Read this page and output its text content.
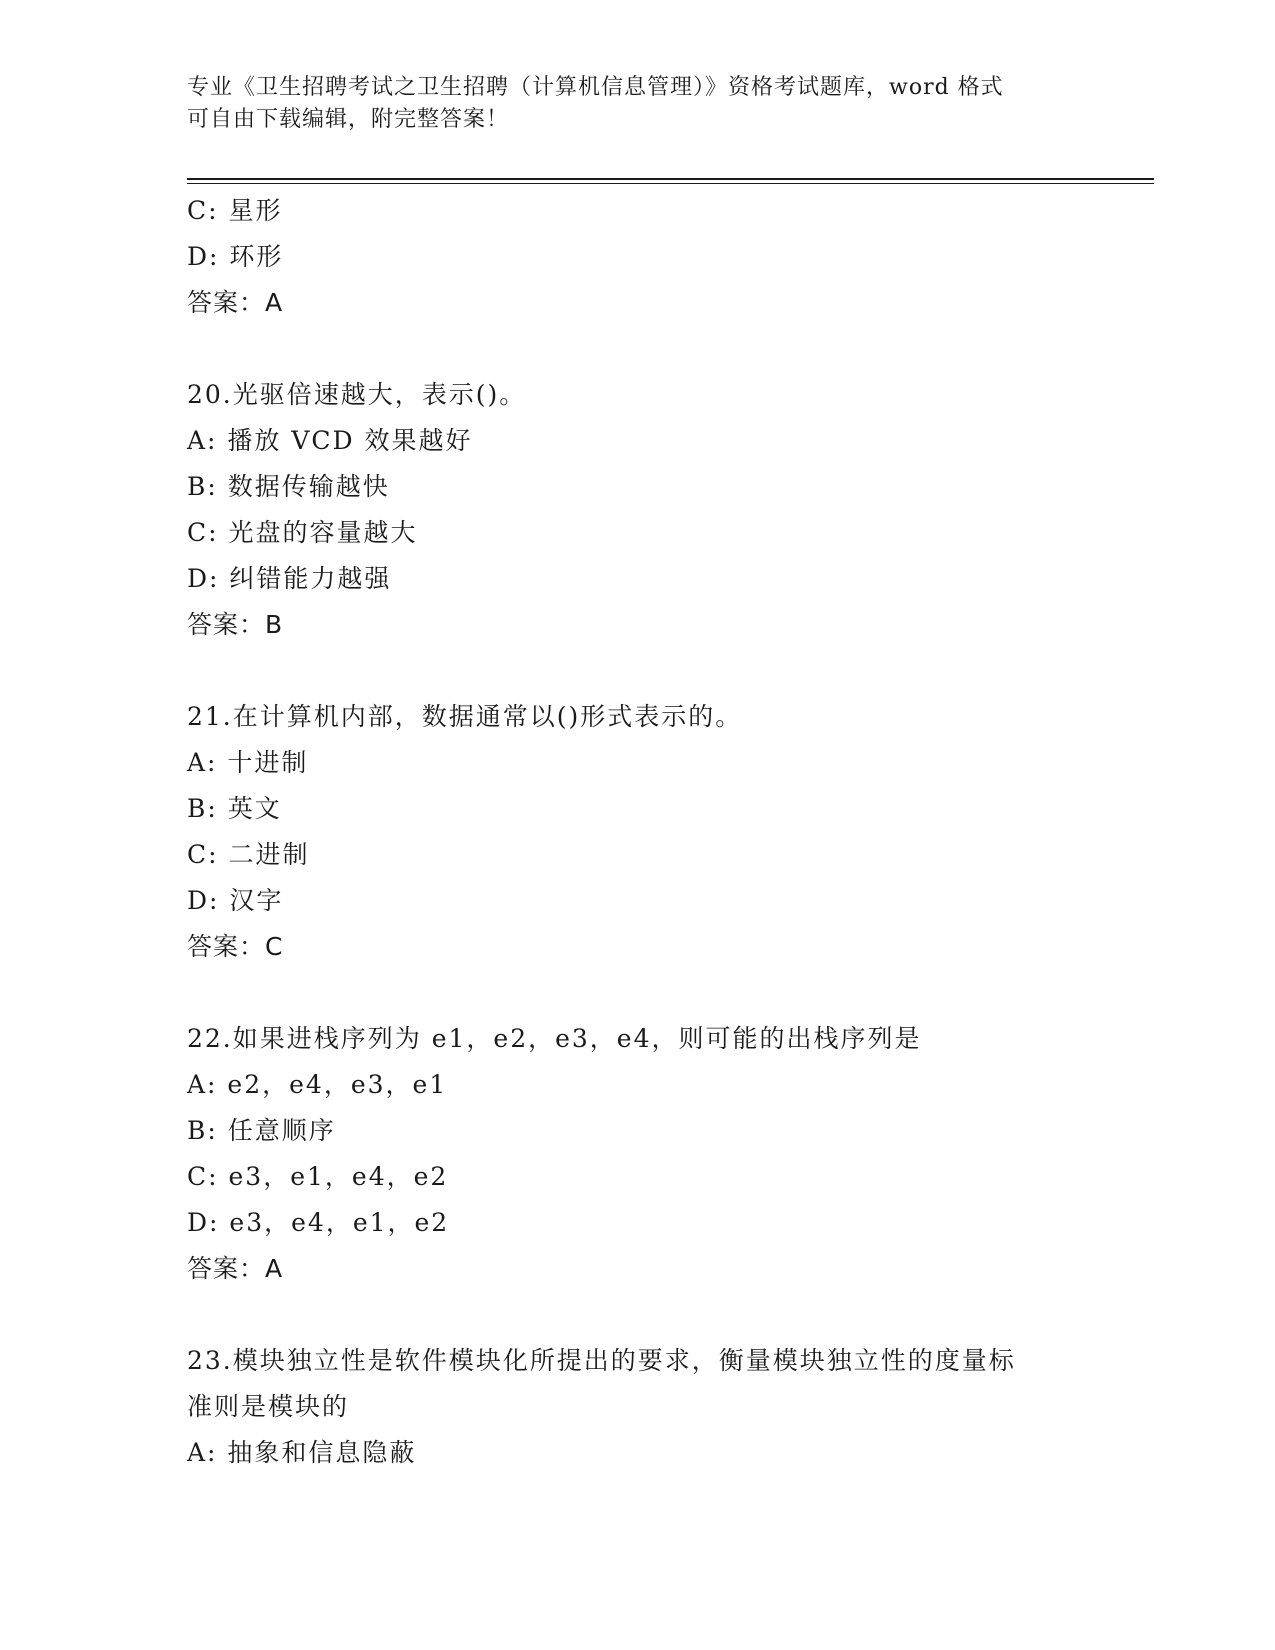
专业《卫生招聘考试之卫生招聘（计算机信息管理）》资格考试题库，word 格式
可自由下载编辑，附完整答案！
C: 星形
D: 环形
答案：A
20.光驱倍速越大，表示()。
A: 播放 VCD 效果越好
B: 数据传输越快
C: 光盘的容量越大
D: 纠错能力越强
答案：B
21.在计算机内部，数据通常以()形式表示的。
A: 十进制
B: 英文
C: 二进制
D: 汉字
答案：C
22.如果进栈序列为 e1，e2，e3，e4，则可能的出栈序列是
A: e2，e4，e3，e1
B: 任意顺序
C: e3，e1，e4，e2
D: e3，e4，e1，e2
答案：A
23.模块独立性是软件模块化所提出的要求，衡量模块独立性的度量标
准则是模块的
A: 抽象和信息隐蔽
